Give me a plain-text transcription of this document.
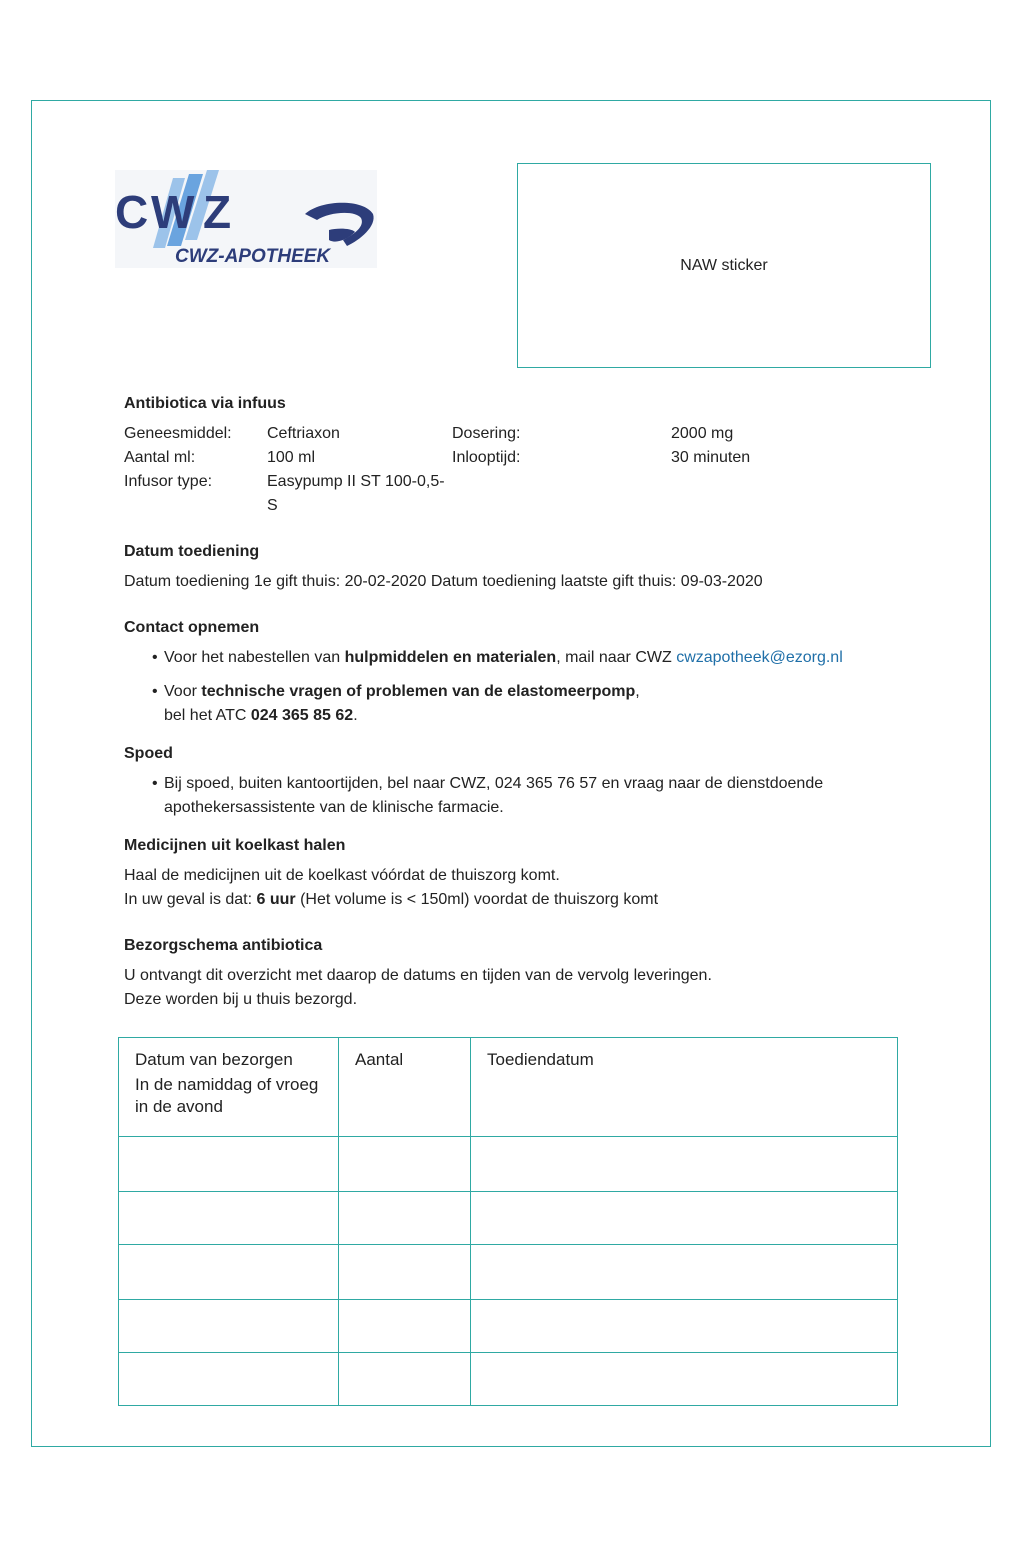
C W Z
CWZ-APOTHEEK	NAW sticker
Antibiotica via infuus
Geneesmiddel:	Ceftriaxon	Dosering:	2000 mg
Aantal ml:	100 ml	Inlooptijd:	30 minuten
Infusor type:	Easypump II ST 100-0,5-S
Datum toediening
Datum toediening 1e gift thuis: 20-02-2020 Datum toediening laatste gift thuis: 09-03-2020
Contact opnemen
• Voor het nabestellen van hulpmiddelen en materialen, mail naar CWZ cwzapotheek@ezorg.nl
• Voor technische vragen of problemen van de elastomeerpomp,
bel het ATC 024 365 85 62.
Spoed
• Bij spoed, buiten kantoortijden, bel naar CWZ, 024 365 76 57 en vraag naar de dienstdoende
apothekersassistente van de klinische farmacie.
Medicijnen uit koelkast halen
Haal de medicijnen uit de koelkast vóórdat de thuiszorg komt.
In uw geval is dat: 6 uur (Het volume is < 150ml) voordat de thuiszorg komt
Bezorgschema antibiotica
U ontvangt dit overzicht met daarop de datums en tijden van de vervolg leveringen.
Deze worden bij u thuis bezorgd.
Datum van bezorgen
In de namiddag of vroeg in de avond	Aantal	Toediendatum
